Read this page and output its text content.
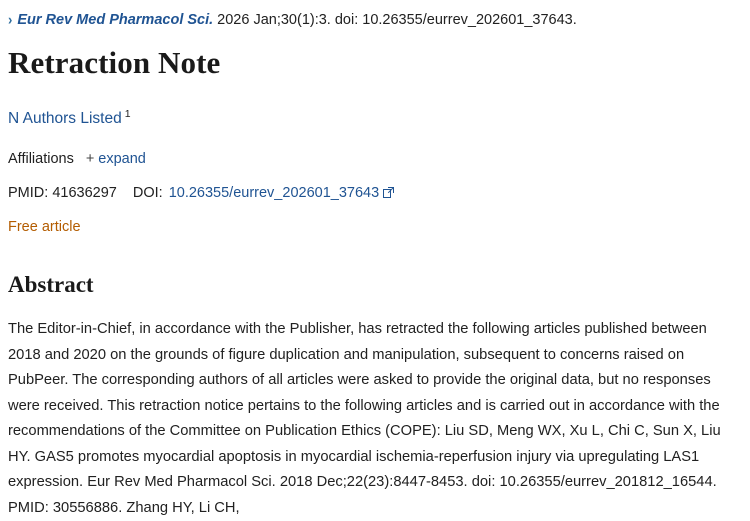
› Eur Rev Med Pharmacol Sci. 2026 Jan;30(1):3. doi: 10.26355/eurrev_202601_37643.
Retraction Note
N Authors Listed $^1$
Affiliations + expand
PMID: 41636297 DOI: 10.26355/eurrev_202601_37643
Free article
Abstract
The Editor-in-Chief, in accordance with the Publisher, has retracted the following articles published between 2018 and 2020 on the grounds of figure duplication and manipulation, subsequent to concerns raised on PubPeer. The corresponding authors of all articles were asked to provide the original data, but no responses were received. This retraction notice pertains to the following articles and is carried out in accordance with the recommendations of the Committee on Publication Ethics (COPE): Liu SD, Meng WX, Xu L, Chi C, Sun X, Liu HY. GAS5 promotes myocardial apoptosis in myocardial ischemia-reperfusion injury via upregulating LAS1 expression. Eur Rev Med Pharmacol Sci. 2018 Dec;22(23):8447-8453. doi: 10.26355/eurrev_201812_16544. PMID: 30556886. Zhang HY, Li CH,
